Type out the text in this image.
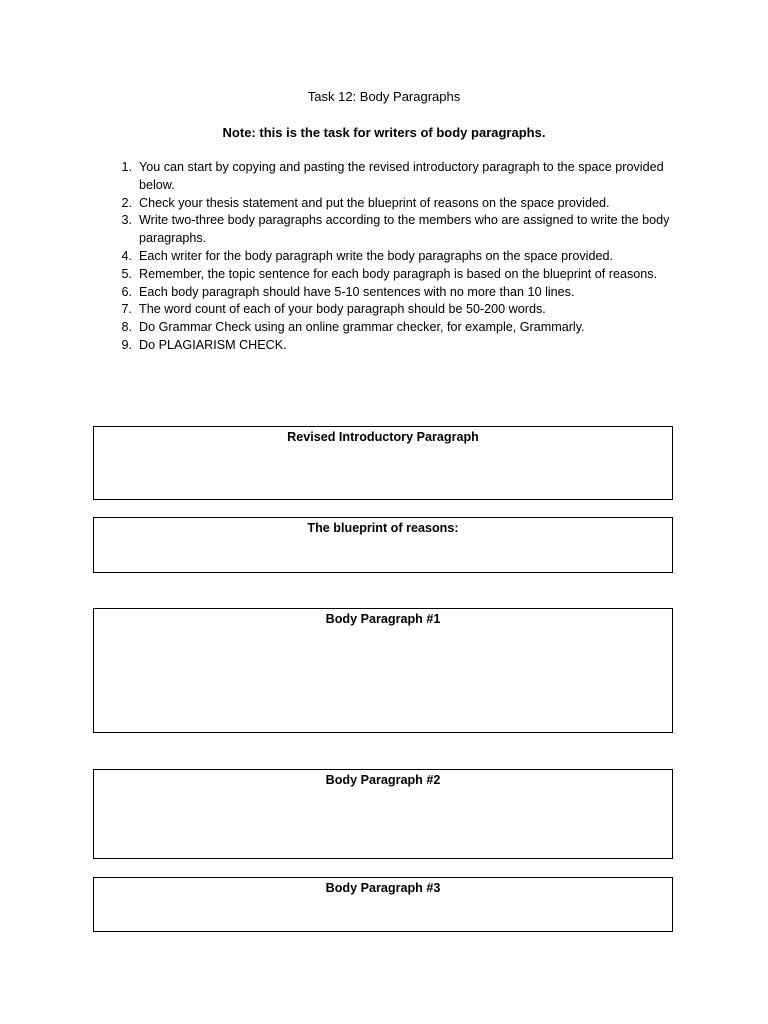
Task 12: Body Paragraphs
Note: this is the task for writers of body paragraphs.
1. You can start by copying and pasting the revised introductory paragraph to the space provided below.
2. Check your thesis statement and put the blueprint of reasons on the space provided.
3. Write two-three body paragraphs according to the members who are assigned to write the body paragraphs.
4. Each writer for the body paragraph write the body paragraphs on the space provided.
5. Remember, the topic sentence for each body paragraph is based on the blueprint of reasons.
6. Each body paragraph should have 5-10 sentences with no more than 10 lines.
7. The word count of each of your body paragraph should be 50-200 words.
8. Do Grammar Check using an online grammar checker, for example, Grammarly.
9. Do PLAGIARISM CHECK.
Revised Introductory Paragraph
The blueprint of reasons:
Body Paragraph #1
Body Paragraph #2
Body Paragraph #3
